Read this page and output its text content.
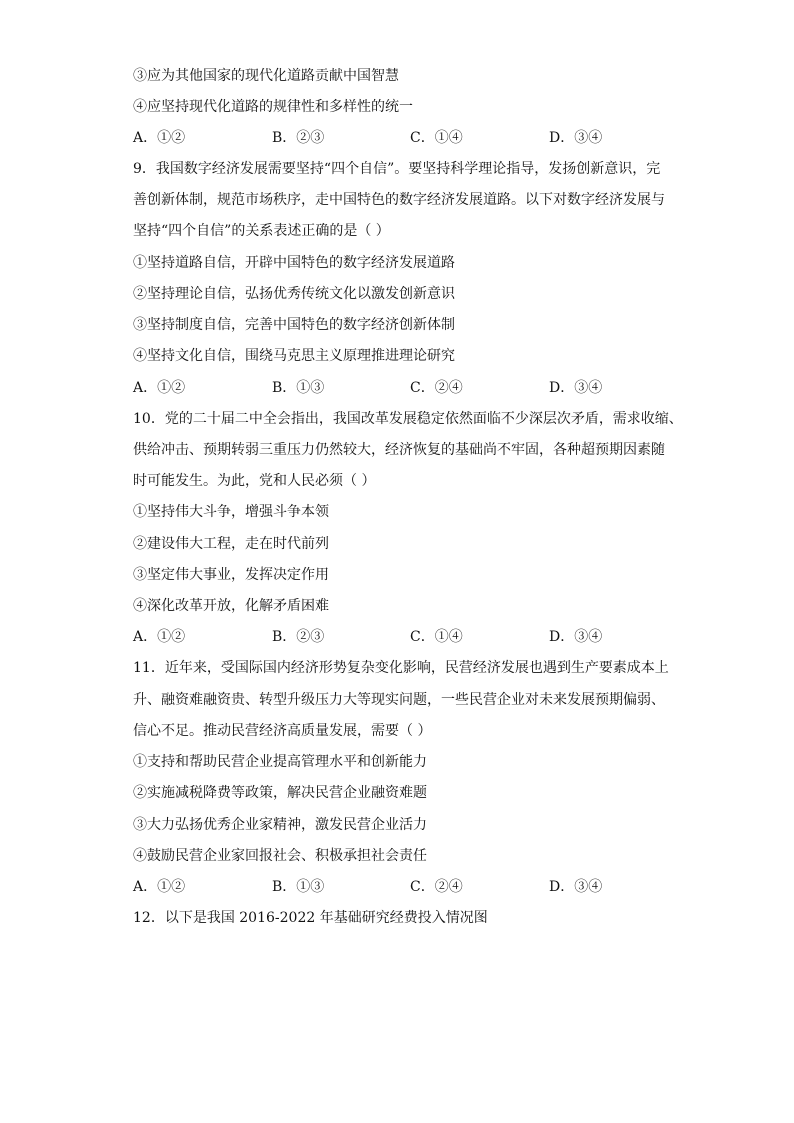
③应为其他国家的现代化道路贡献中国智慧
④应坚持现代化道路的规律性和多样性的统一
A．①②	B．②③	C．①④	D．③④
9．我国数字经济发展需要坚持“四个自信”。要坚持科学理论指导，发扬创新意识，完
善创新体制，规范市场秩序，走中国特色的数字经济发展道路。以下对数字经济发展与
坚持“四个自信”的关系表述正确的是（ ）
①坚持道路自信，开辟中国特色的数字经济发展道路
②坚持理论自信，弘扬优秀传统文化以激发创新意识
③坚持制度自信，完善中国特色的数字经济创新体制
④坚持文化自信，围绕马克思主义原理推进理论研究
A．①②	B．①③	C．②④	D．③④
10．党的二十届二中全会指出，我国改革发展稳定依然面临不少深层次矛盾，需求收缩、
供给冲击、预期转弱三重压力仍然较大，经济恢复的基础尚不牢固，各种超预期因素随
时可能发生。为此，党和人民必须（ ）
①坚持伟大斗争，增强斗争本领
②建设伟大工程，走在时代前列
③坚定伟大事业，发挥决定作用
④深化改革开放，化解矛盾困难
A．①②	B．②③	C．①④	D．③④
11．近年来，受国际国内经济形势复杂变化影响，民营经济发展也遇到生产要素成本上
升、融资难融资贵、转型升级压力大等现实问题，一些民营企业对未来发展预期偏弱、
信心不足。推动民营经济高质量发展，需要（ ）
①支持和帮助民营企业提高管理水平和创新能力
②实施减税降费等政策，解决民营企业融资难题
③大力弘扬优秀企业家精神，激发民营企业活力
④鼓励民营企业家回报社会、积极承担社会责任
A．①②	B．①③	C．②④	D．③④
12．以下是我国 2016-2022 年基础研究经费投入情况图
